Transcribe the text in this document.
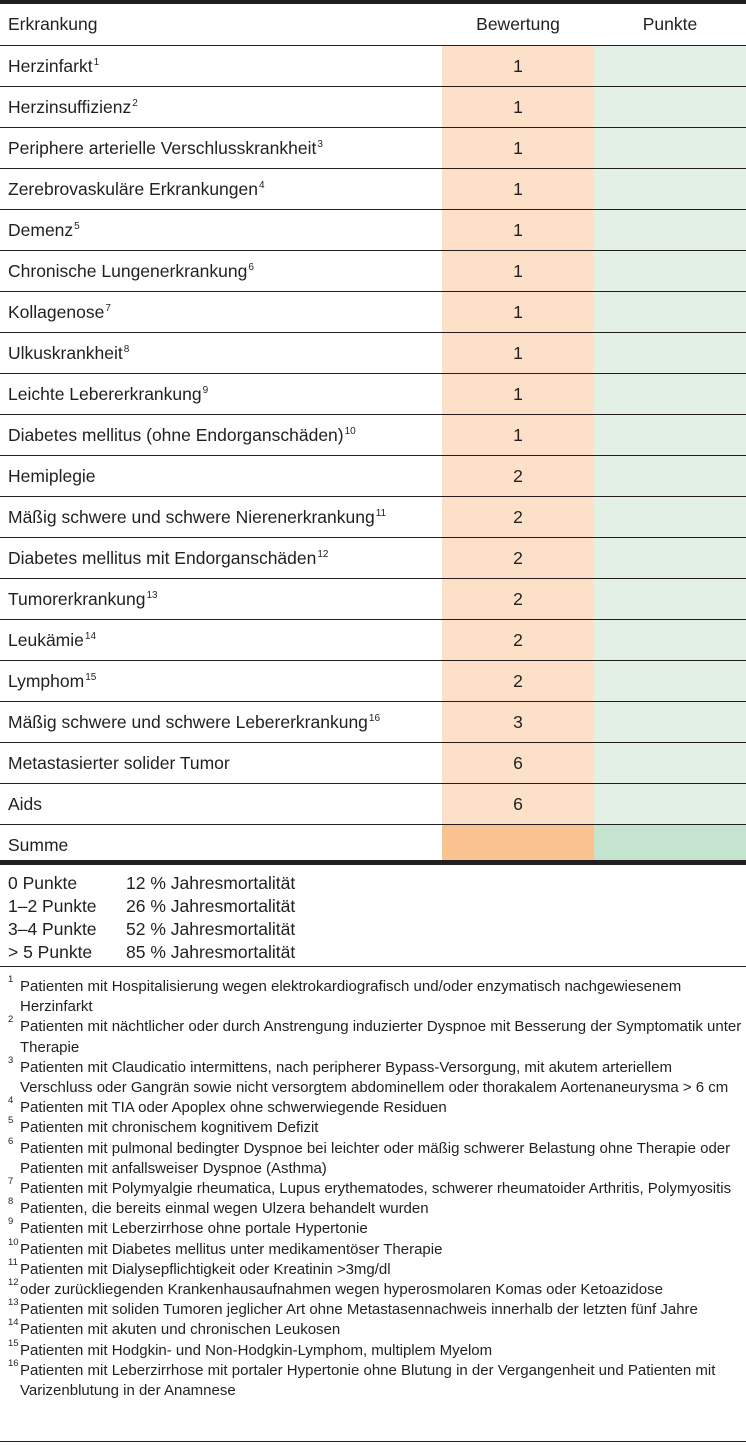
Erkrankung	Bewertung	Punkte
Herzinfarkt$^1$	1	
Herzinsuffizienz$^2$	1	
Periphere arterielle Verschlusskrankheit$^3$	1	
Zerebrovaskuläre Erkrankungen$^4$	1	
Demenz$^5$	1	
Chronische Lungenerkrankung$^6$	1	
Kollagenose$^7$	1	
Ulkuskrankheit$^8$	1	
Leichte Lebererkrankung$^9$	1	
Diabetes mellitus (ohne Endorganschäden)$^{10}$	1	
Hemiplegie	2	
Mäßig schwere und schwere Nierenerkrankung$^{11}$	2	
Diabetes mellitus mit Endorganschäden$^{12}$	2	
Tumorerkrankung$^{13}$	2	
Leukämie$^{14}$	2	
Lymphom$^{15}$	2	
Mäßig schwere und schwere Lebererkrankung$^{16}$	3	
Metastasierter solider Tumor	6	
Aids	6	
Summe		
0 Punkte	12 % Jahresmortalität
1–2 Punkte 26 % Jahresmortalität
3–4 Punkte 52 % Jahresmortalität
> 5 Punkte 85 % Jahresmortalität
1 Patienten mit Hospitalisierung wegen elektrokardiografisch und/oder enzymatisch nachgewiesenem Herzinfarkt
2 Patienten mit nächtlicher oder durch Anstrengung induzierter Dyspnoe mit Besserung der Symptomatik unter Therapie
3 Patienten mit Claudicatio intermittens, nach peripherer Bypass-Versorgung, mit akutem arteriellem Verschluss oder Gangrän sowie nicht versorgtem abdominellem oder thorakalem Aortenaneurysma > 6 cm
4 Patienten mit TIA oder Apoplex ohne schwerwiegende Residuen
5 Patienten mit chronischem kognitivem Defizit
6 Patienten mit pulmonal bedingter Dyspnoe bei leichter oder mäßig schwerer Belastung ohne Therapie oder Patienten mit anfallsweiser Dyspnoe (Asthma)
7 Patienten mit Polymyalgie rheumatica, Lupus erythematodes, schwerer rheumatoider Arthritis, Polymyositis
8 Patienten, die bereits einmal wegen Ulzera behandelt wurden
9 Patienten mit Leberzirrhose ohne portale Hypertonie
10 Patienten mit Diabetes mellitus unter medikamentöser Therapie
11 Patienten mit Dialysepflichtigkeit oder Kreatinin >3mg/dl
12 oder zurückliegenden Krankenhausaufnahmen wegen hyperosmolaren Komas oder Ketoazidose
13 Patienten mit soliden Tumoren jeglicher Art ohne Metastasennachweis innerhalb der letzten fünf Jahre
14 Patienten mit akuten und chronischen Leukosen
15 Patienten mit Hodgkin- und Non-Hodgkin-Lymphom, multiplem Myelom
16 Patienten mit Leberzirrhose mit portaler Hypertonie ohne Blutung in der Vergangenheit und Patienten mit Varizenblutung in der Anamnese
